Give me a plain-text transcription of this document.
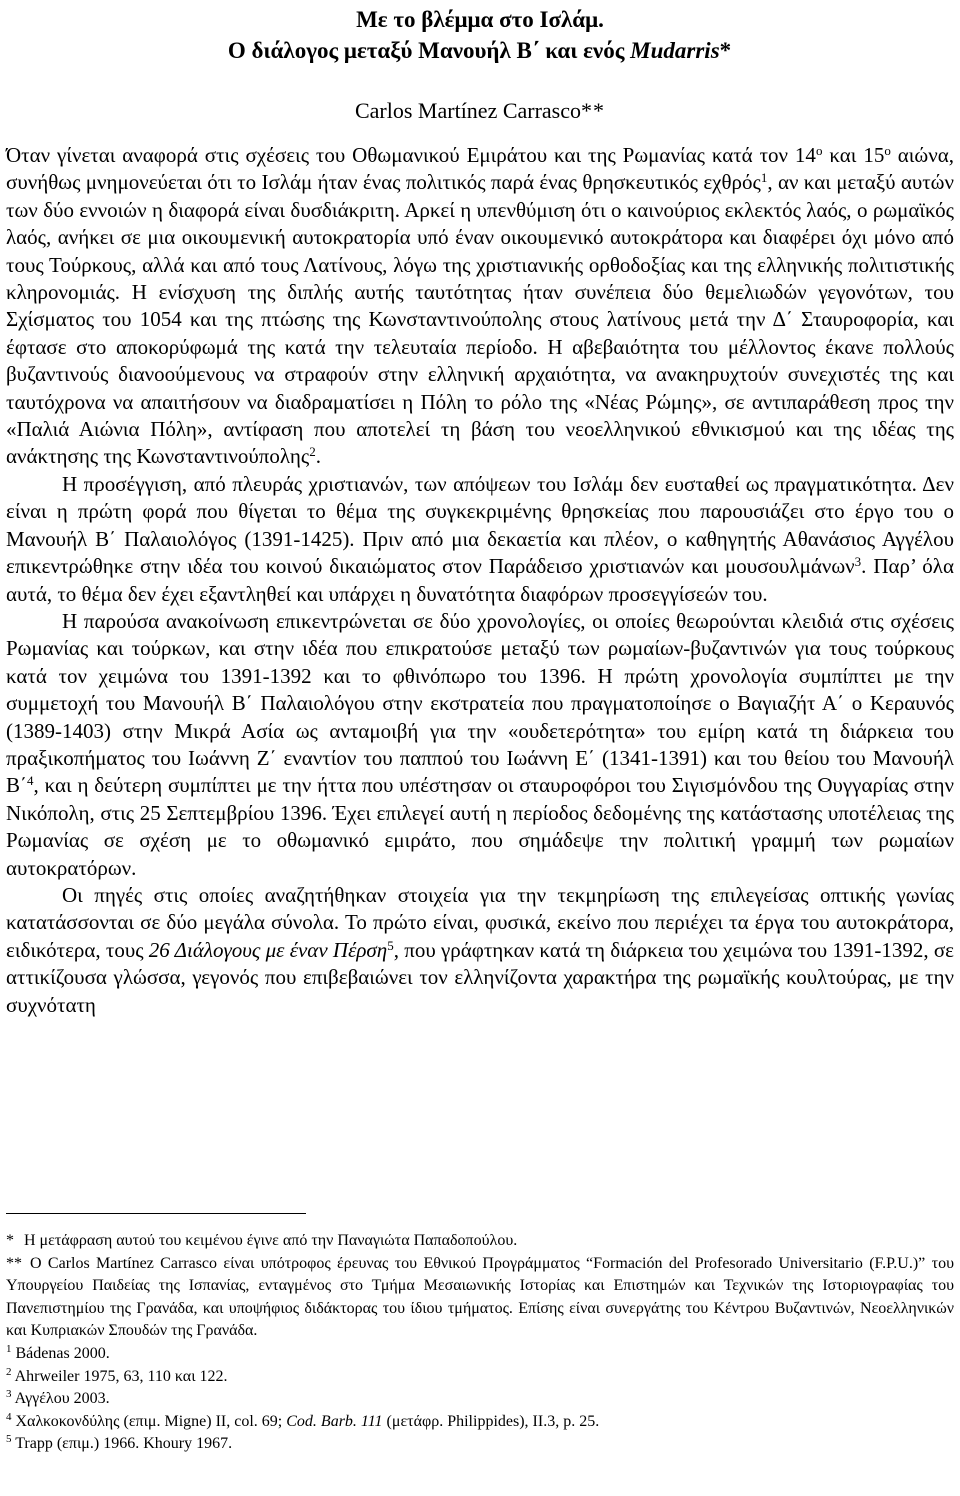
Με το βλέμμα στο Ισλάμ.
Ο διάλογος μεταξύ Μανουήλ Β΄ και ενός Mudarris*
Carlos Martínez Carrasco**

Όταν γίνεται αναφορά στις σχέσεις του Οθωμανικού Εμιράτου και της Ρωμανίας κατά τον $14^o$ και $15^o$ αιώνα, συνήθως μνημονεύεται ότι το Ισλάμ ήταν ένας πολιτικός παρά ένας θρησκευτικός εχθρός$^1$, αν και μεταξύ αυτών των δύο εννοιών η διαφορά είναι δυσδιάκριτη. Αρκεί η υπενθύμιση ότι ο καινούριος εκλεκτός λαός, ο ρωμαϊκός λαός, ανήκει σε μια οικουμενική αυτοκρατορία υπό έναν οικουμενικό αυτοκράτορα και διαφέρει όχι μόνο από τους Τούρκους, αλλά και από τους Λατίνους, λόγω της χριστιανικής ορθοδοξίας και της ελληνικής πολιτιστικής κληρονομιάς. Η ενίσχυση της διπλής αυτής ταυτότητας ήταν συνέπεια δύο θεμελιωδών γεγονότων, του Σχίσματος του 1054 και της πτώσης της Κωνσταντινούπολης στους λατίνους μετά την Δ΄ Σταυροφορία, και έφτασε στο αποκορύφωμά της κατά την τελευταία περίοδο. Η αβεβαιότητα του μέλλοντος έκανε πολλούς βυζαντινούς διανοούμενους να στραφούν στην ελληνική αρχαιότητα, να ανακηρυχτούν συνεχιστές της και ταυτόχρονα να απαιτήσουν να διαδραματίσει η Πόλη το ρόλο της «Νέας Ρώμης», σε αντιπαράθεση προς την «Παλιά Αιώνια Πόλη», αντίφαση που αποτελεί τη βάση του νεοελληνικού εθνικισμού και της ιδέας της ανάκτησης της Κωνσταντινούπολης$^2$.

Η προσέγγιση, από πλευράς χριστιανών, των απόψεων του Ισλάμ δεν ευσταθεί ως πραγματικότητα. Δεν είναι η πρώτη φορά που θίγεται το θέμα της συγκεκριμένης θρησκείας που παρουσιάζει στο έργο του ο Μανουήλ Β΄ Παλαιολόγος (1391-1425). Πριν από μια δεκαετία και πλέον, ο καθηγητής Αθανάσιος Αγγέλου επικεντρώθηκε στην ιδέα του κοινού δικαιώματος στον Παράδεισο χριστιανών και μουσουλμάνων$^3$. Παρ’ όλα αυτά, το θέμα δεν έχει εξαντληθεί και υπάρχει η δυνατότητα διαφόρων προσεγγίσεών του.

Η παρούσα ανακοίνωση επικεντρώνεται σε δύο χρονολογίες, οι οποίες θεωρούνται κλειδιά στις σχέσεις Ρωμανίας και τούρκων, και στην ιδέα που επικρατούσε μεταξύ των ρωμαίων-βυζαντινών για τους τούρκους κατά τον χειμώνα του 1391-1392 και το φθινόπωρο του 1396. Η πρώτη χρονολογία συμπίπτει με την συμμετοχή του Μανουήλ Β΄ Παλαιολόγου στην εκστρατεία που πραγματοποίησε ο Βαγιαζήτ Α΄ ο Κεραυνός (1389-1403) στην Μικρά Ασία ως ανταμοιβή για την «ουδετερότητα» του εμίρη κατά τη διάρκεια του πραξικοπήματος του Ιωάννη Ζ΄ εναντίον του παππού του Ιωάννη Ε΄ (1341-1391) και του θείου του Μανουήλ Β΄$^4$, και η δεύτερη συμπίπτει με την ήττα που υπέστησαν οι σταυροφόροι του Σιγισμόνδου της Ουγγαρίας στην Νικόπολη, στις 25 Σεπτεμβρίου 1396. Έχει επιλεγεί αυτή η περίοδος δεδομένης της κατάστασης υποτέλειας της Ρωμανίας σε σχέση με το οθωμανικό εμιράτο, που σημάδεψε την πολιτική γραμμή των ρωμαίων αυτοκρατόρων.

Οι πηγές στις οποίες αναζητήθηκαν στοιχεία για την τεκμηρίωση της επιλεγείσας οπτικής γωνίας κατατάσσονται σε δύο μεγάλα σύνολα. Το πρώτο είναι, φυσικά, εκείνο που περιέχει τα έργα του αυτοκράτορα, ειδικότερα, τους 26 Διάλογους με έναν Πέρση$^5$, που γράφτηκαν κατά τη διάρκεια του χειμώνα του 1391-1392, σε αττικίζουσα γλώσσα, γεγονός που επιβεβαιώνει τον ελληνίζοντα χαρακτήρα της ρωμαϊκής κουλτούρας, με την συχνότατη

* Η μετάφραση αυτού του κειμένου έγινε από την Παναγιώτα Παπαδοπούλου.

** Ο Carlos Martínez Carrasco είναι υπότροφος έρευνας του Εθνικού Προγράμματος “Formación del Profesorado Universitario (F.P.U.)” του Υπουργείου Παιδείας της Ισπανίας, ενταγμένος στο Τμήμα Μεσαιωνικής Ιστορίας και Επιστημών και Τεχνικών της Ιστοριογραφίας του Πανεπιστημίου της Γρανάδα, και υποψήφιος διδάκτορας του ίδιου τμήματος. Επίσης είναι συνεργάτης του Κέντρου Βυζαντινών, Νεοελληνικών και Κυπριακών Σπουδών της Γρανάδα.

$^1$ Bádenas 2000.

$^2$ Ahrweiler 1975, 63, 110 και 122.

$^3$ Αγγέλου 2003.

$^4$ Χαλκοκονδύλης (επιμ. Migne) II, col. 69; Cod. Barb. 111 (μετάφρ. Philippides), II.3, p. 25.

$^5$ Trapp (επιμ.) 1966. Khoury 1967.
